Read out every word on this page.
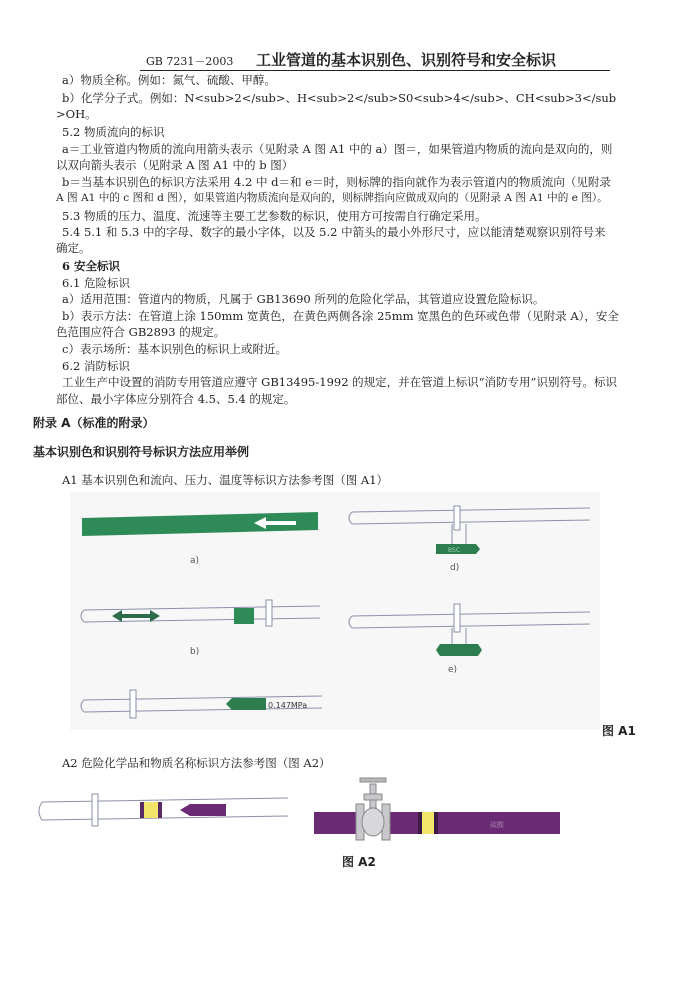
GB 7231－2003 工业管道的基本识别色、识别符号和安全标识
a）物质全称。例如：氮气、硫酸、甲醇。
b）化学分子式。例如：N<sub>2</sub>、H<sub>2</sub>S0<sub>4</sub>、CH<sub>3</sub
>OH。
5.2 物质流向的标识
a＝工业管道内物质的流向用箭头表示（见附录 A 图 A1 中的 a）图＝，如果管道内物质的流向是双向的，则
以双向箭头表示（见附录 A 图 A1 中的 b 图）
b＝当基本识别色的标识方法采用 4.2 中 d＝和 e＝时，则标牌的指向就作为表示管道内的物质流向（见附录
A 图 A1 中的 c 图和 d 图），如果管道内物质流向是双向的，则标牌指向应做成双向的（见附录 A 图 A1 中的 e 图）。
5.3 物质的压力、温度、流速等主要工艺参数的标识，使用方可按需自行确定采用。
5.4 5.1 和 5.3 中的字母、数字的最小字体，以及 5.2 中箭头的最小外形尺寸，应以能清楚观察识别符号来
确定。
6 安全标识
6.1 危险标识
a）适用范围：管道内的物质，凡属于 GB13690 所列的危险化学品，其管道应设置危险标识。
b）表示方法：在管道上涂 150mm 宽黄色，在黄色两侧各涂 25mm 宽黑色的色环或色带（见附录 A），安全
色范围应符合 GB2893 的规定。
c）表示场所：基本识别色的标识上或附近。
6.2 消防标识
工业生产中设置的消防专用管道应遵守 GB13495-1992 的规定，并在管道上标识“消防专用”识别符号。标识
部位、最小字体应分别符合 4.5、5.4 的规定。
附录 A（标准的附录）
基本识别色和识别符号标识方法应用举例
A1 基本识别色和流向、压力、温度等标识方法参考图（图 A1）
a)
BSC
d)
b)
e)
0.147MPa
图 A1
A2 危险化学品和物质名称标识方法参考图（图 A2）
硫酸
图 A2
